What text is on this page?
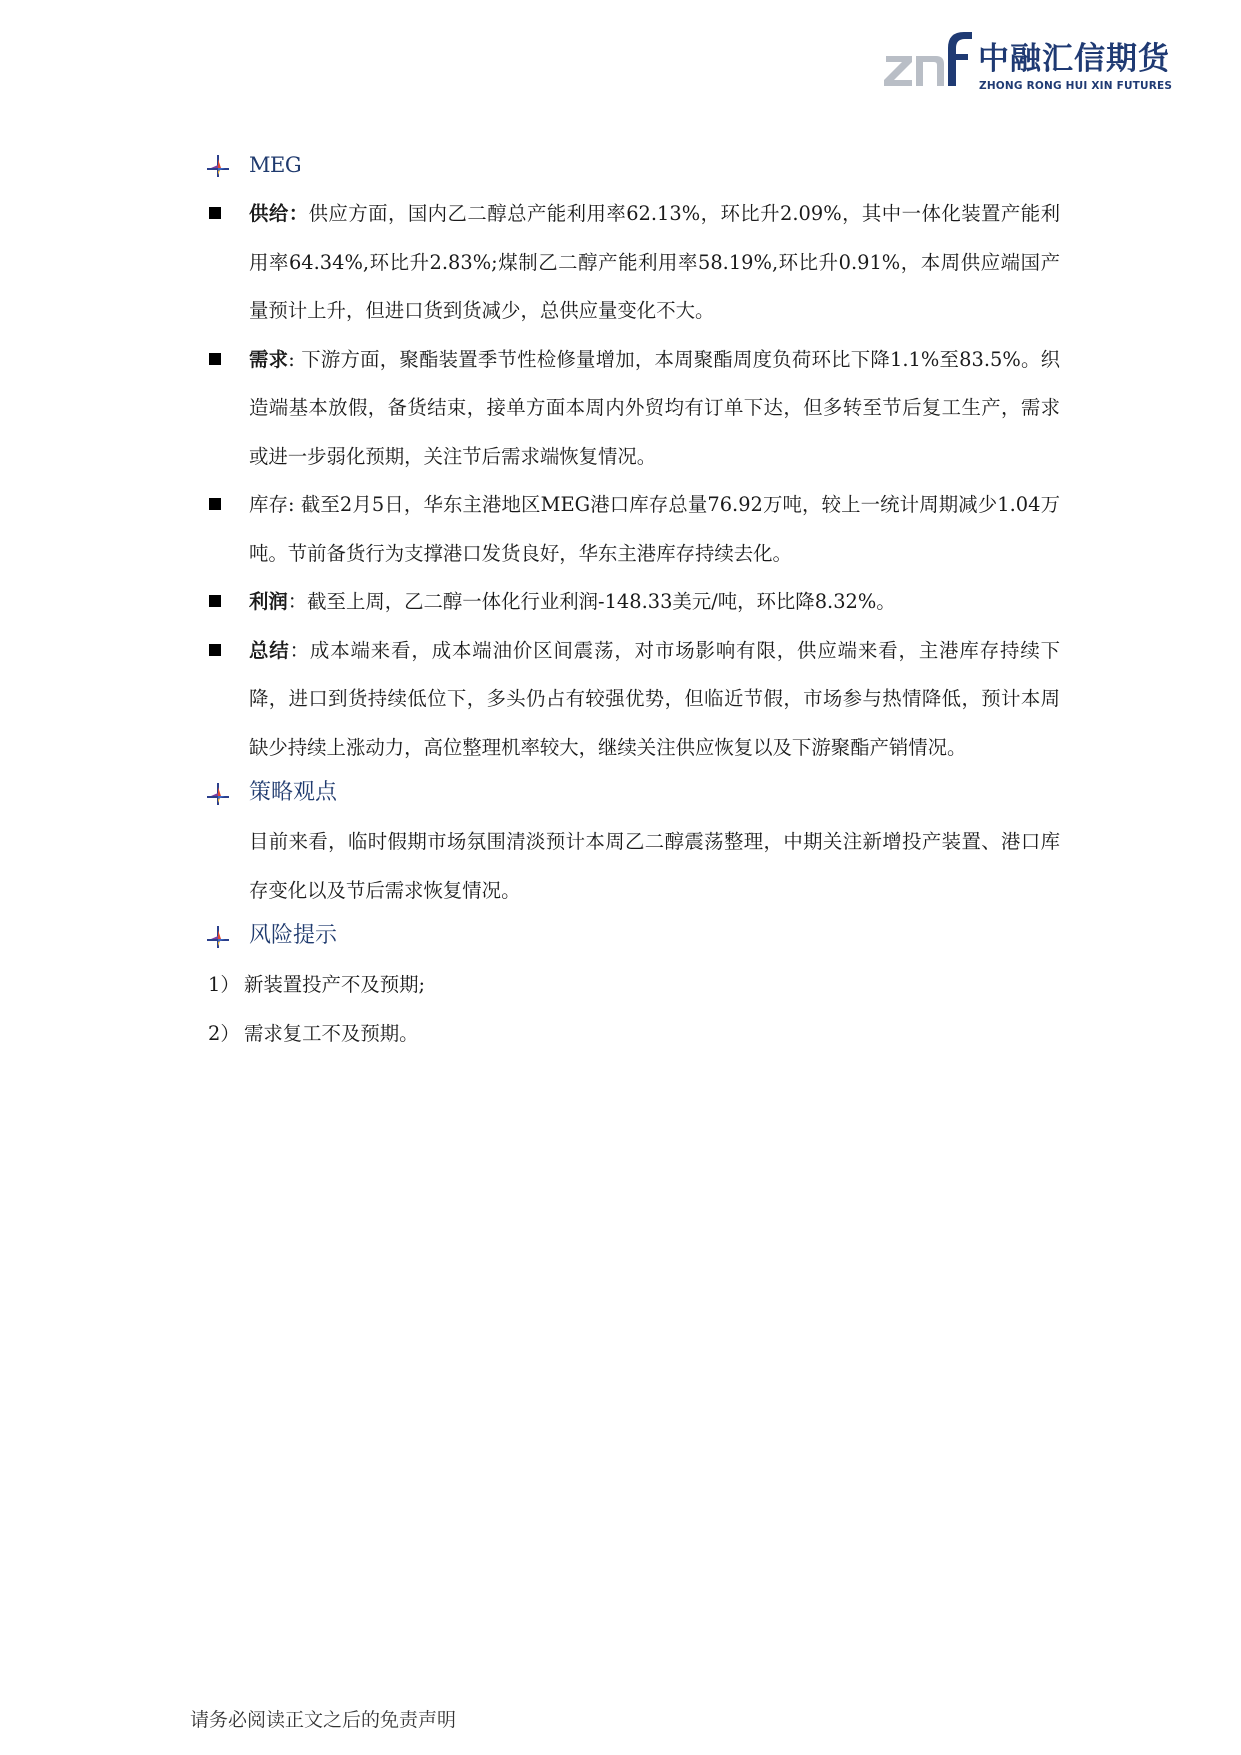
中融汇信期货
ZHONG RONG HUI XIN FUTURES
MEG

供给：供应方面，国内乙二醇总产能利用率62.13%，环比升2.09%，其中一体化装置产能利用率64.34%,环比升2.83%;煤制乙二醇产能利用率58.19%,环比升0.91%，本周供应端国产量预计上升，但进口货到货减少，总供应量变化不大。

需求: 下游方面，聚酯装置季节性检修量增加，本周聚酯周度负荷环比下降1.1%至83.5%。织造端基本放假，备货结束，接单方面本周内外贸均有订单下达，但多转至节后复工生产，需求或进一步弱化预期，关注节后需求端恢复情况。

库存: 截至2月5日，华东主港地区MEG港口库存总量76.92万吨，较上一统计周期减少1.04万吨。节前备货行为支撑港口发货良好，华东主港库存持续去化。

利润：截至上周，乙二醇一体化行业利润-148.33美元/吨，环比降8.32%。

总结：成本端来看，成本端油价区间震荡，对市场影响有限，供应端来看，主港库存持续下降，进口到货持续低位下，多头仍占有较强优势，但临近节假，市场参与热情降低，预计本周缺少持续上涨动力，高位整理机率较大，继续关注供应恢复以及下游聚酯产销情况。

策略观点

目前来看，临时假期市场氛围清淡预计本周乙二醇震荡整理，中期关注新增投产装置、港口库存变化以及节后需求恢复情况。

风险提示
1） 新装置投产不及预期;
2） 需求复工不及预期。
请务必阅读正文之后的免责声明
